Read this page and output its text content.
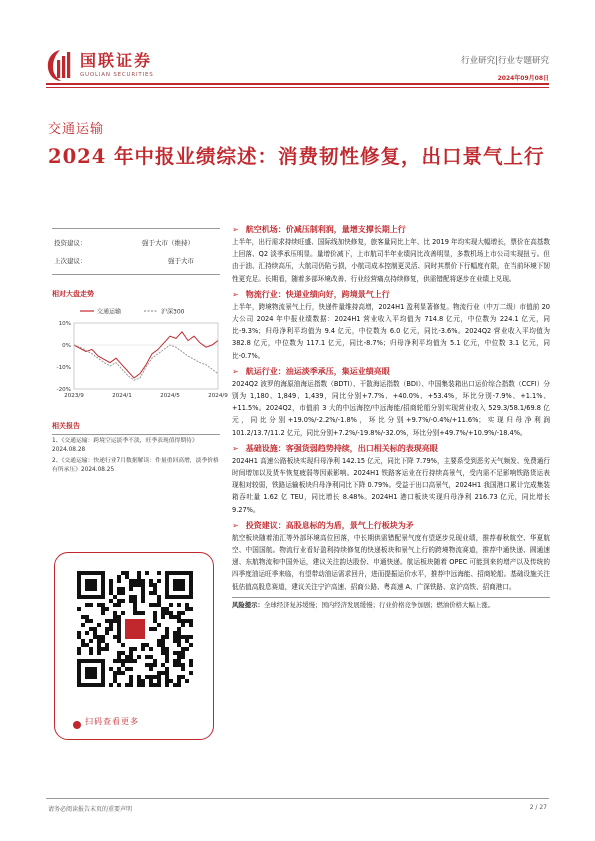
国联证券
GUOLIAN SECURITIES
行业研究|行业专题研究
2024年09月08日
交通运输
2024 年中报业绩综述：消费韧性修复，出口景气上行
投资建议：	强于大市（维持）
上次建议：	强于大市
相对大盘走势
交通运输	沪深300
10%
0%
-10%
-20%
2023/9	2024/1	2024/5	2024/9
相关报告
1、《交通运输：跨境空运淡季不淡，旺季表现值得期待》2024.08.28
2、《交通运输：快递行业7月数据解读：件量重回高增，淡季价格有所承压》2024.08.25
扫码查看更多
➢ 航空机场：价减压制利润，量增支撑长期上行
上半年，出行需求持续旺盛、国际线加快修复，旅客量同比上年、比 2019 年均实现大幅增长，票价在高基数上回落、Q2 淡季承压明显。量增价减下，上市航司半年业绩同比改善明显，多数机场上市公司实现扭亏。但由于油、汇持续高压，大航司仍陷亏损，小航司成本控制更灵活、同时其票价下行幅度有限，在当前环境下韧性更充足。长期看，随着多部环境改善、行业经营痛点持续修复，供需错配将逐步在业绩上兑现。
➢ 物流行业：快递业绩向好，跨境景气上行
上半年，跨境物流景气上行，快递件量维持高增，2024H1 盈利显著修复。物流行业（中万二级）市值前 20 大公司 2024 年中报业绩数据：2024H1 营业收入平均值为 714.8 亿元，中位数为 224.1 亿元，同比-9.3%；归母净利平均值为 9.4 亿元，中位数为 6.0 亿元，同比-3.6%。2024Q2 营业收入平均值为 382.8 亿元，中位数为 117.1 亿元，同比-8.7%；归母净利平均值为 5.1 亿元，中位数 3.1 亿元，同比-0.7%。
➢ 航运行业：油运淡季承压，集运业绩亮眼
2024Q2 波罗的海原油海运指数（BDTI）、干散海运指数（BDI）、中国集装箱出口运价综合指数（CCFI）分别为 1,180、1,849、1,439，同比分别+7.7%、+40.0%、+53.4%，环比分别-7.9%、+1.1%、+11.5%。2024Q2，市值前 3 大的中远海控/中远海能/招商轮船分别实现营业收入 529.3/58.1/69.8 亿元，同比分别+19.0%/-2.2%/-1.8%，环比分别+9.7%/-0.4%/+11.6%；实现归母净利润 101.2/13.7/11.2 亿元，同比分别+7.2%/-19.8%/-32.0%，环比分别+49.7%/+10.9%/-18.4%。
➢ 基础设施：客强货弱趋势持续，出口相关标的表现亮眼
2024H1 高速公路板块实现归母净利 142.15 亿元，同比下降 7.79%，主要系受到恶劣天气频发、免费通行时间增加以及货车恢复疲弱等因素影响。2024H1 铁路客运业在行持续高景气，受内需不足影响铁路货运表现相对较弱，铁路运输板块归母净利同比下降 0.79%。受益于出口高景气，2024H1 我国港口累计完成集装箱吞吐量 1.62 亿 TEU，同比增长 8.48%。2024H1 港口板块实现归母净利 216.73 亿元，同比增长 9.27%。
➢ 投资建议：高股息标的为盾，景气上行板块为矛
航空板块随着油汇等外部环境高位回落，中长期供需错配景气度有望逐步兑现业绩，推荐春秋航空、华夏航空、中国国航。物流行业看好盈利持续修复的快递板块和景气上行的跨境物流赛道，推荐中通快递、圆通速递、东航物流和中国外运，建议关注韵达股份、申通快递。航运板块随着 OPEC 可能到来的增产以及传统的四季度油运旺季来临，有望带动油运需求回升，进而提振运价水平，推荐中远海能、招商轮船。基础设施关注低估值高股息赛道，建议关注宁沪高速、招商公路、粤高速 A、广深铁路、京沪高铁、招商港口。
风险提示：全球经济复苏缓慢；国内经济发展缓慢；行业价格竞争加剧；燃油价格大幅上涨。
请务必阅读报告末页的重要声明	2 / 27
